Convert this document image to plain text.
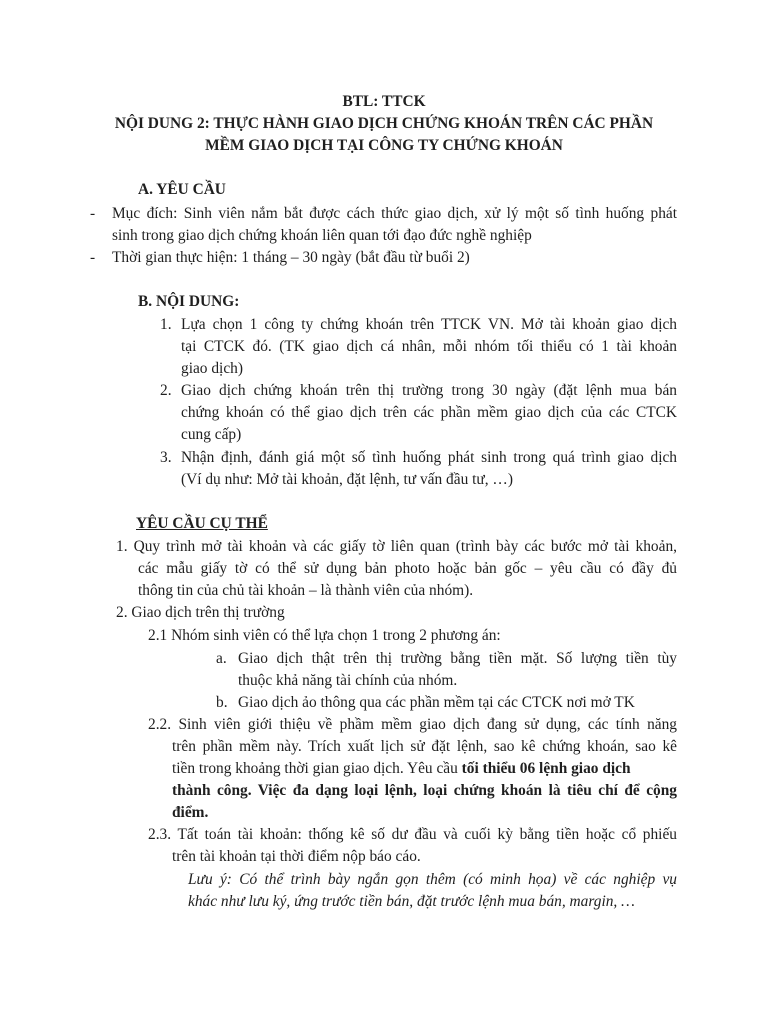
BTL: TTCK
NỘI DUNG 2: THỰC HÀNH GIAO DỊCH CHỨNG KHOÁN TRÊN CÁC PHẦN
MỀM GIAO DỊCH TẠI CÔNG TY CHỨNG KHOÁN
A. YÊU CẦU
- Mục đích: Sinh viên nắm bắt được cách thức giao dịch, xử lý một số tình huống phát
sinh trong giao dịch chứng khoán liên quan tới đạo đức nghề nghiệp
- Thời gian thực hiện: 1 tháng – 30 ngày (bắt đầu từ buổi 2)
B. NỘI DUNG:
1. Lựa chọn 1 công ty chứng khoán trên TTCK VN. Mở tài khoản giao dịch
tại CTCK đó. (TK giao dịch cá nhân, mỗi nhóm tối thiểu có 1 tài khoản
giao dịch)
2. Giao dịch chứng khoán trên thị trường trong 30 ngày (đặt lệnh mua bán
chứng khoán có thể giao dịch trên các phần mềm giao dịch của các CTCK
cung cấp)
3. Nhận định, đánh giá một số tình huống phát sinh trong quá trình giao dịch
(Ví dụ như: Mở tài khoản, đặt lệnh, tư vấn đầu tư, …)
YÊU CẦU CỤ THỂ
1. Quy trình mở tài khoản và các giấy tờ liên quan (trình bày các bước mở tài khoản,
các mẫu giấy tờ có thể sử dụng bản photo hoặc bản gốc – yêu cầu có đầy đủ
thông tin của chủ tài khoản – là thành viên của nhóm).
2. Giao dịch trên thị trường
2.1 Nhóm sinh viên có thể lựa chọn 1 trong 2 phương án:
a. Giao dịch thật trên thị trường bằng tiền mặt. Số lượng tiền tùy
thuộc khả năng tài chính của nhóm.
b. Giao dịch ảo thông qua các phần mềm tại các CTCK nơi mở TK
2.2. Sinh viên giới thiệu về phầm mềm giao dịch đang sử dụng, các tính năng
trên phần mềm này. Trích xuất lịch sử đặt lệnh, sao kê chứng khoán, sao kê
tiền trong khoảng thời gian giao dịch. Yêu cầu tối thiểu 06 lệnh giao dịch
thành công. Việc đa dạng loại lệnh, loại chứng khoán là tiêu chí để cộng
điểm.
2.3. Tất toán tài khoản: thống kê số dư đầu và cuối kỳ bằng tiền hoặc cổ phiếu
trên tài khoản tại thời điểm nộp báo cáo.
Lưu ý: Có thể trình bày ngắn gọn thêm (có minh họa) về các nghiệp vụ
khác như lưu ký, ứng trước tiền bán, đặt trước lệnh mua bán, margin, …
